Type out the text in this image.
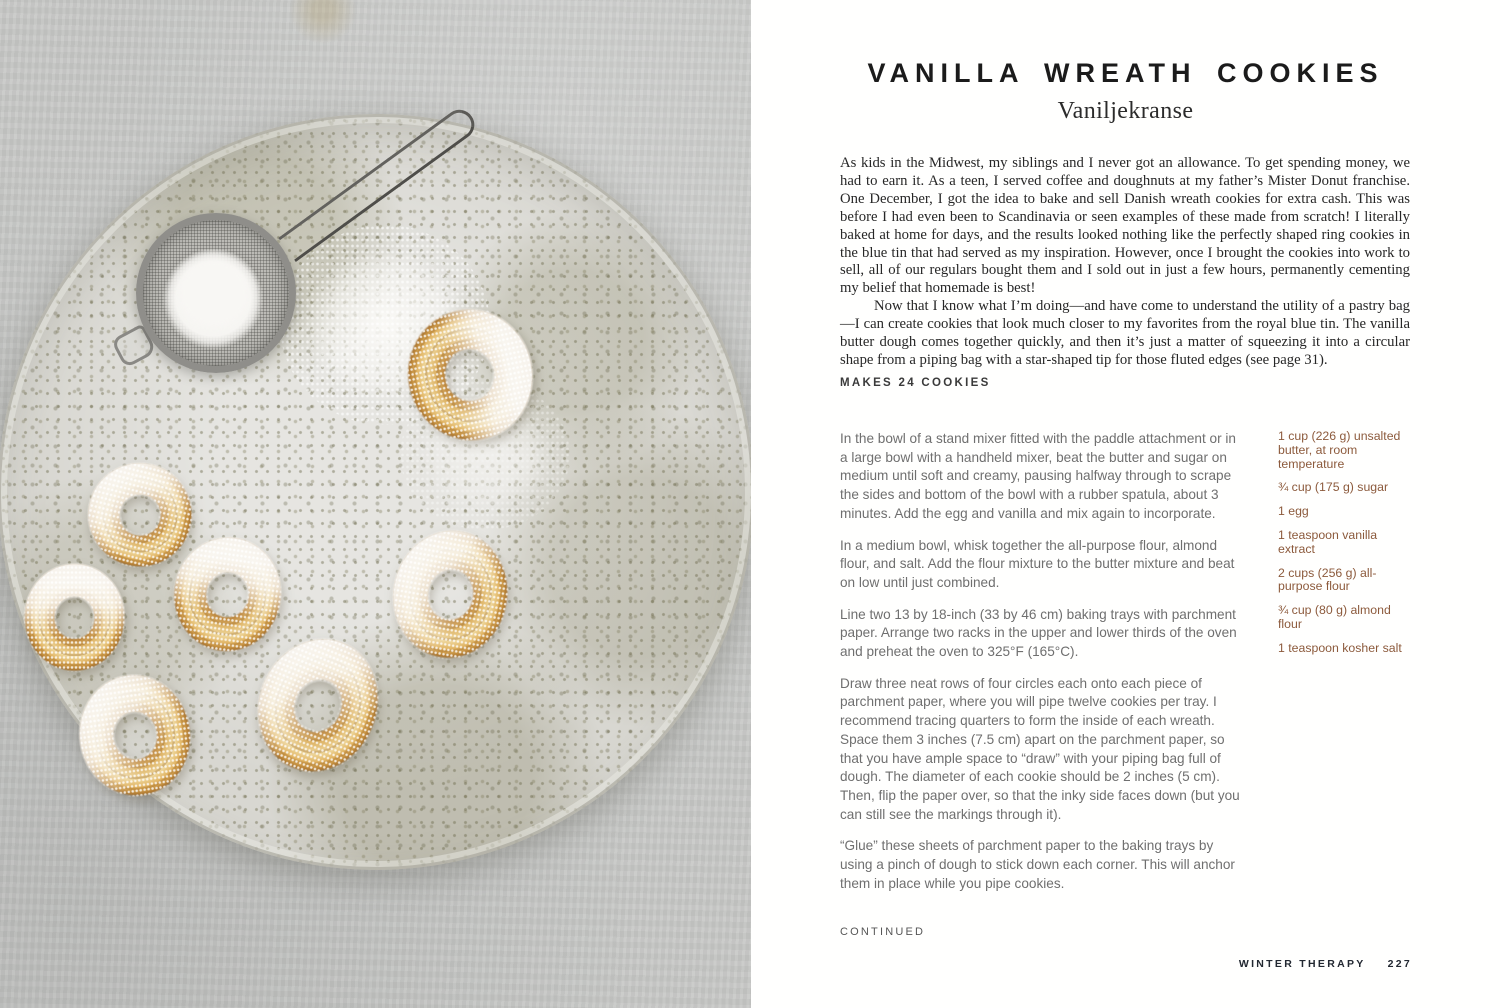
VANILLA WREATH COOKIES
Vaniljekranse

As kids in the Midwest, my siblings and I never got an allowance. To get spending money, we had to earn it. As a teen, I served coffee and doughnuts at my father’s Mister Donut franchise. One December, I got the idea to bake and sell Danish wreath cookies for extra cash. This was before I had even been to Scandinavia or seen examples of these made from scratch! I literally baked at home for days, and the results looked nothing like the perfectly shaped ring cookies in the blue tin that had served as my inspiration. However, once I brought the cookies into work to sell, all of our regulars bought them and I sold out in just a few hours, permanently cementing my belief that homemade is best!

Now that I know what I’m doing—and have come to understand the utility of a pastry bag—I can create cookies that look much closer to my favorites from the royal blue tin. The vanilla butter dough comes together quickly, and then it’s just a matter of squeezing it into a circular shape from a piping bag with a star-shaped tip for those fluted edges (see page 31).

MAKES 24 COOKIES

In the bowl of a stand mixer fitted with the paddle attachment or in a large bowl with a handheld mixer, beat the butter and sugar on medium until soft and creamy, pausing halfway through to scrape the sides and bottom of the bowl with a rubber spatula, about 3 minutes. Add the egg and vanilla and mix again to incorporate.

In a medium bowl, whisk together the all-purpose flour, almond flour, and salt. Add the flour mixture to the butter mixture and beat on low until just combined.

Line two 13 by 18-inch (33 by 46 cm) baking trays with parchment paper. Arrange two racks in the upper and lower thirds of the oven and preheat the oven to 325°F (165°C).

Draw three neat rows of four circles each onto each piece of parchment paper, where you will pipe twelve cookies per tray. I recommend tracing quarters to form the inside of each wreath. Space them 3 inches (7.5 cm) apart on the parchment paper, so that you have ample space to “draw” with your piping bag full of dough. The diameter of each cookie should be 2 inches (5 cm). Then, flip the paper over, so that the inky side faces down (but you can still see the markings through it).

“Glue” these sheets of parchment paper to the baking trays by using a pinch of dough to stick down each corner. This will anchor them in place while you pipe cookies.

CONTINUED

1 cup (226 g) unsalted butter, at room temperature

¾ cup (175 g) sugar

1 egg

1 teaspoon vanilla extract

2 cups (256 g) all-purpose flour

¾ cup (80 g) almond flour

1 teaspoon kosher salt

WINTER THERAPY 227
